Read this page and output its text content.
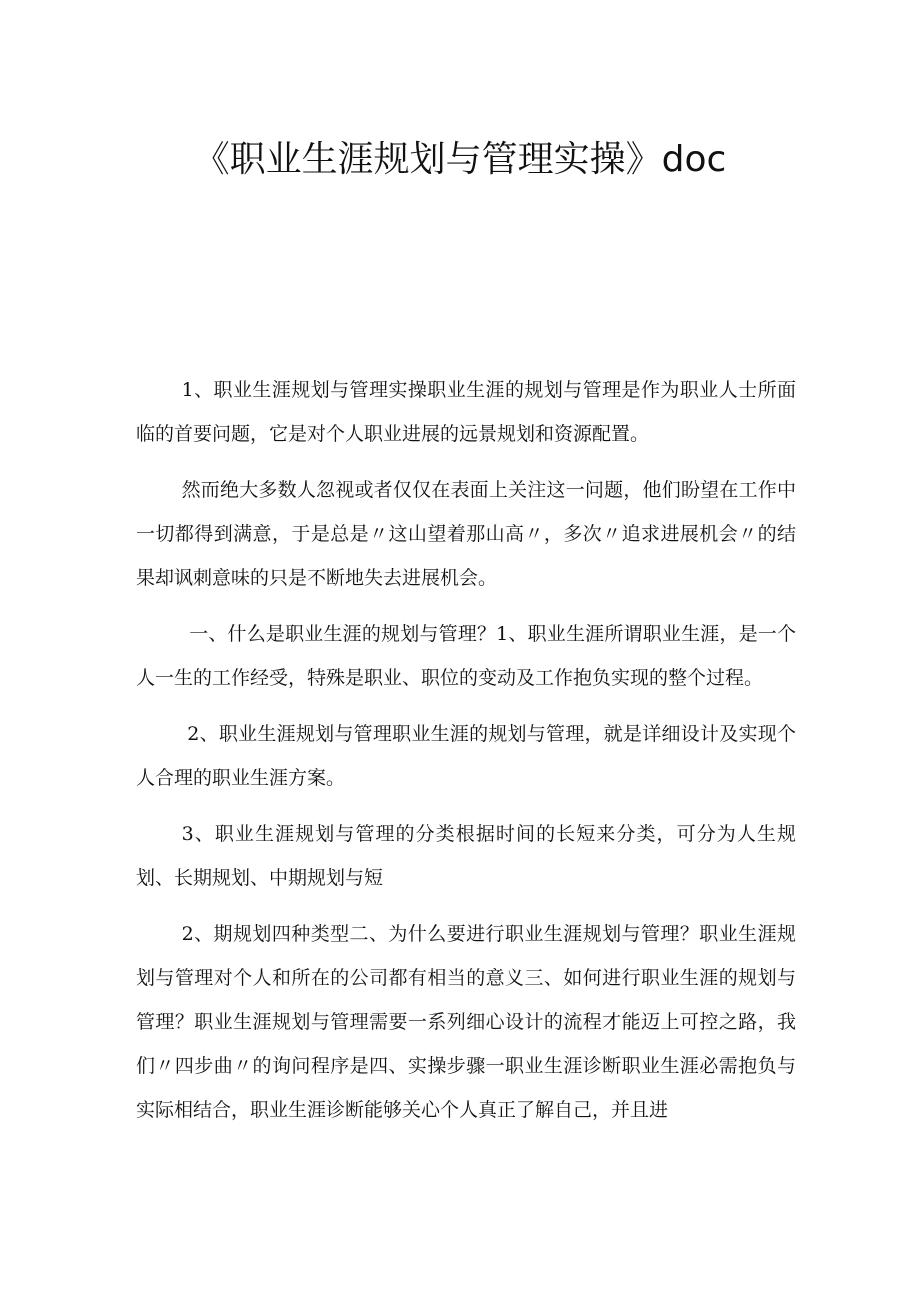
《职业生涯规划与管理实操》doc

1、职业生涯规划与管理实操职业生涯的规划与管理是作为职业人士所面临的首要问题，它是对个人职业进展的远景规划和资源配置。

然而绝大多数人忽视或者仅仅在表面上关注这一问题，他们盼望在工作中一切都得到满意，于是总是〃这山望着那山高〃，多次〃追求进展机会〃的结果却讽刺意味的只是不断地失去进展机会。

一、什么是职业生涯的规划与管理？1、职业生涯所谓职业生涯，是一个人一生的工作经受，特殊是职业、职位的变动及工作抱负实现的整个过程。

2、职业生涯规划与管理职业生涯的规划与管理，就是详细设计及实现个人合理的职业生涯方案。

3、职业生涯规划与管理的分类根据时间的长短来分类，可分为人生规划、长期规划、中期规划与短

2、期规划四种类型二、为什么要进行职业生涯规划与管理？职业生涯规划与管理对个人和所在的公司都有相当的意义三、如何进行职业生涯的规划与管理？职业生涯规划与管理需要一系列细心设计的流程才能迈上可控之路，我们〃四步曲〃的询问程序是四、实操步骤一职业生涯诊断职业生涯必需抱负与实际相结合，职业生涯诊断能够关心个人真正了解自己，并且进
